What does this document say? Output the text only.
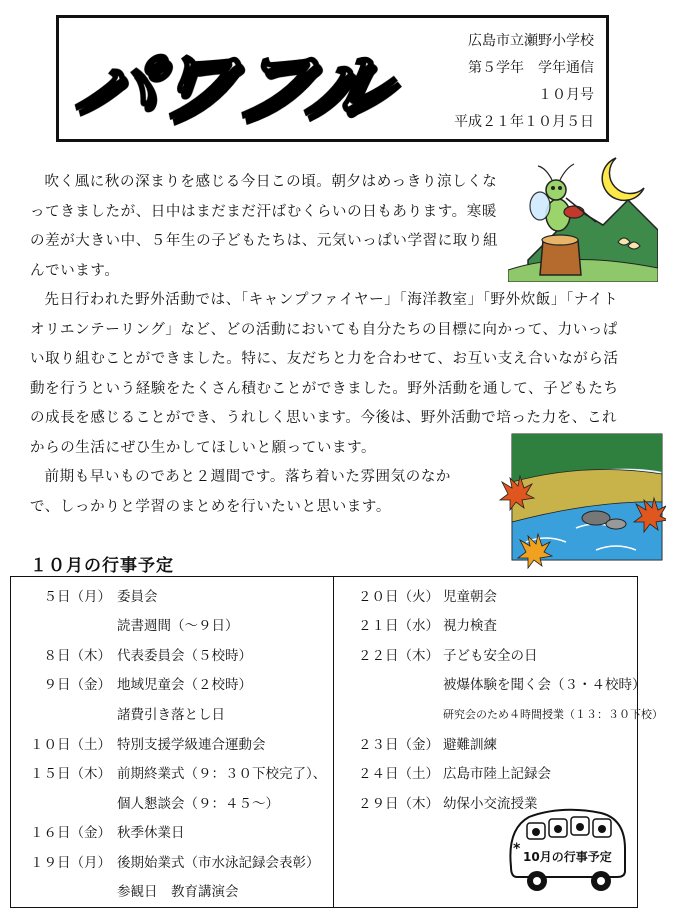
パワフル	広島市立瀬野小学校
第５学年　学年通信
１０月号
平成２１年１０月５日

吹く風に秋の深まりを感じる今日この頃。朝夕はめっきり涼しくなってきましたが、日中はまだまだ汗ばむくらいの日もあります。寒暖の差が大きい中、５年生の子どもたちは、元気いっぱい学習に取り組んでいます。

先日行われた野外活動では、「キャンプファイヤー」「海洋教室」「野外炊飯」「ナイトオリエンテーリング」など、どの活動においても自分たちの目標に向かって、力いっぱい取り組むことができました。特に、友だちと力を合わせて、お互い支え合いながら活動を行うという経験をたくさん積むことができました。野外活動を通して、子どもたちの成長を感じることができ、うれしく思います。今後は、野外活動で培った力を、これからの生活にぜひ生かしてほしいと願っています。

前期も早いものであと２週間です。落ち着いた雰囲気のなかで、しっかりと学習のまとめを行いたいと思います。

１０月の行事予定
５日（月） 委員会
読書週間（～９日）
８日（木） 代表委員会（５校時）
９日（金） 地域児童会（２校時）
諸費引き落とし日
１０日（土） 特別支援学級連合運動会
１５日（木） 前期終業式（９：３０下校完了）、
個人懇談会（９：４５～）
１６日（金） 秋季休業日
１９日（月） 後期始業式（市水泳記録会表彰）
参観日　教育講演会
２０日（火） 児童朝会
２１日（水） 視力検査
２２日（木） 子ども安全の日
被爆体験を聞く会（３・４校時）
研究会のため４時間授業（１３：３０下校）
２３日（金） 避難訓練
２４日（土） 広島市陸上記録会
２９日（木） 幼保小交流授業
10月の行事予定
*
